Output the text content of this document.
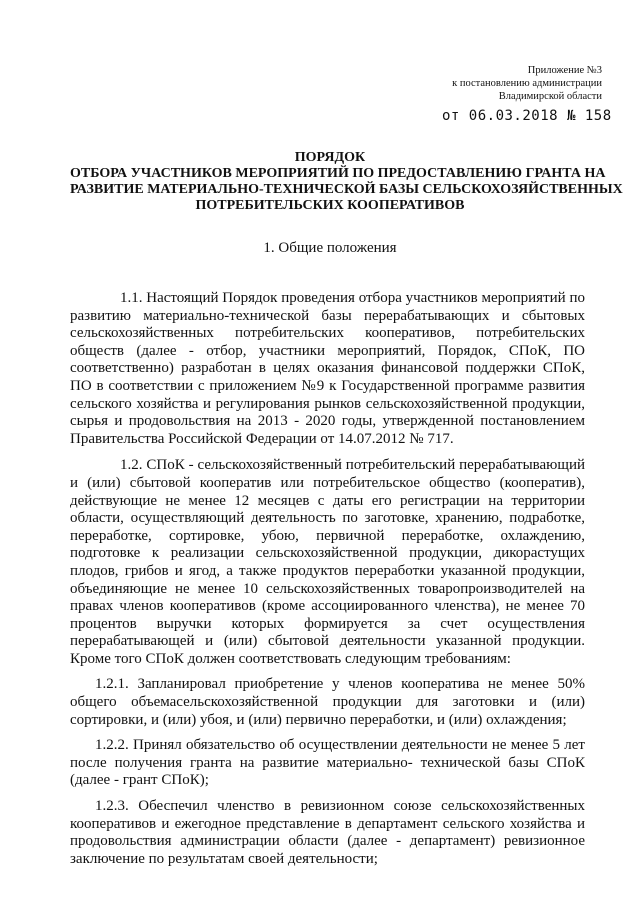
Приложение №3
к постановлению администрации
Владимирской области
от 06.03.2018 № 158
ПОРЯДОК
ОТБОРА УЧАСТНИКОВ МЕРОПРИЯТИЙ ПО ПРЕДОСТАВЛЕНИЮ ГРАНТА НА
РАЗВИТИЕ МАТЕРИАЛЬНО-ТЕХНИЧЕСКОЙ БАЗЫ СЕЛЬСКОХОЗЯЙСТВЕННЫХ
ПОТРЕБИТЕЛЬСКИХ КООПЕРАТИВОВ
1. Общие положения

1.1. Настоящий Порядок проведения отбора участников мероприятий по развитию материально-технической базы перерабатывающих и сбытовых сельскохозяйственных потребительских кооперативов, потребительских обществ (далее - отбор, участники мероприятий, Порядок, СПоК, ПО соответственно) разработан в целях оказания финансовой поддержки СПоК, ПО в соответствии с приложением №9 к Государственной программе развития сельского хозяйства и регулирования рынков сельскохозяйственной продукции, сырья и продовольствия на 2013 - 2020 годы, утвержденной постановлением Правительства Российской Федерации от 14.07.2012 № 717.

1.2. СПоК - сельскохозяйственный потребительский перерабатывающий и (или) сбытовой кооператив или потребительское общество (кооператив), действующие не менее 12 месяцев с даты его регистрации на территории области, осуществляющий деятельность по заготовке, хранению, подработке, переработке, сортировке, убою, первичной переработке, охлаждению, подготовке к реализации сельскохозяйственной продукции, дикорастущих плодов, грибов и ягод, а также продуктов переработки указанной продукции, объединяющие не менее 10 сельскохозяйственных товаропроизводителей на правах членов кооперативов (кроме ассоциированного членства), не менее 70 процентов выручки которых формируется за счет осуществления перерабатывающей и (или) сбытовой деятельности указанной продукции. Кроме того СПоК должен соответствовать следующим требованиям:

1.2.1. Запланировал приобретение у членов кооператива не менее 50% общего объемасельскохозяйственной продукции для заготовки и (или) сортировки, и (или) убоя, и (или) первично переработки, и (или) охлаждения;

1.2.2. Принял обязательство об осуществлении деятельности не менее 5 лет после получения гранта на развитие материально- технической базы СПоК (далее - грант СПоК);

1.2.3. Обеспечил членство в ревизионном союзе сельскохозяйственных кооперативов и ежегодное представление в департамент сельского хозяйства и продовольствия администрации области (далее - департамент) ревизионное заключение по результатам своей деятельности;
